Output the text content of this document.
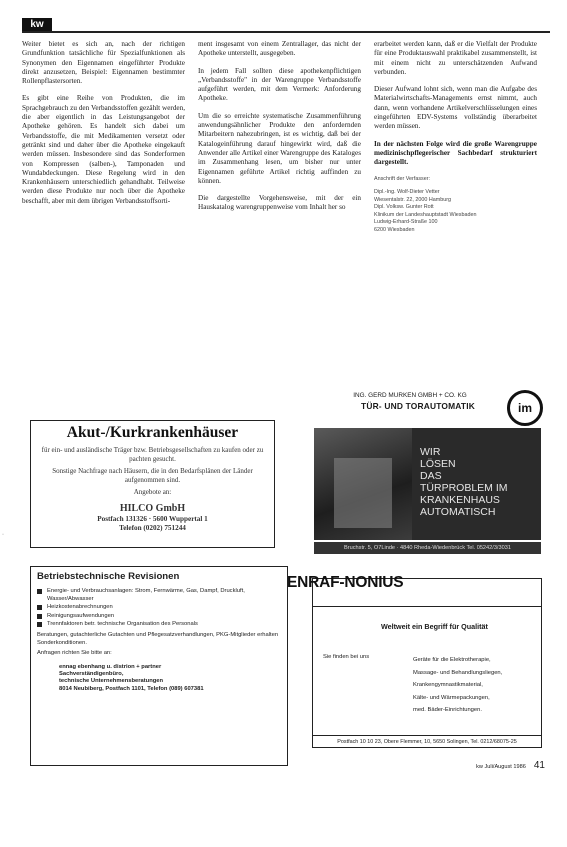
kw

Weiter bietet es sich an, nach der richtigen Grundfunktion tatsächliche für Spezialfunktionen als Synonymen den Eigennamen eingeführter Produkte direkt anzusetzen, Beispiel: Eigennamen bestimmter Rollenpflastersorten.

Es gibt eine Reihe von Produkten, die im Sprachgebrauch zu den Verbandsstoffen gezählt werden, die aber eigentlich in das Leistungsangebot der Apotheke gehören. Es handelt sich dabei um Verbandsstoffe, die mit Medikamenten versetzt oder getränkt sind und daher über die Apotheke eingekauft werden müssen. Insbesondere sind das Sonderformen von Kompressen (salben-), Tamponaden und Wundabdeckungen. Diese Regelung wird in den Krankenhäusern unterschiedlich gehandhabt. Teilweise werden diese Produkte nur noch über die Apotheke beschafft, aber mit dem übrigen Verbandsstoffsorti-

ment insgesamt von einem Zentrallager, das nicht der Apotheke unterstellt, ausgegeben.

In jedem Fall sollten diese apothekenpflichtigen „Verbandsstoffe" in der Warengruppe Verbandsstoffe aufgeführt werden, mit dem Vermerk: Anforderung Apotheke.

Um die so erreichte systematische Zusammenführung anwendungsähnlicher Produkte den anfordernden Mitarbeitern nahezubringen, ist es wichtig, daß bei der Katalogeinführung darauf hingewirkt wird, daß die Anwender alle Artikel einer Warengruppe des Kataloges im Zusammenhang lesen, um bisher nur unter Eigennamen geführte Artikel richtig auffinden zu können.

Die dargestellte Vorgehensweise, mit der ein Hauskatalog warengruppenweise vom Inhalt her so

erarbeitet werden kann, daß er die Vielfalt der Produkte für eine Produktauswahl praktikabel zusammenstellt, ist mit einem nicht zu unterschätzenden Aufwand verbunden.

Dieser Aufwand lohnt sich, wenn man die Aufgabe des Materialwirtschafts-Managements ernst nimmt, auch dann, wenn vorhandene Artikelverschlüsselungen eines eingeführten EDV-Systems vollständig überarbeitet werden müssen.

In der nächsten Folge wird die große Warengruppe medizinischpflegerischer Sachbedarf strukturiert dargestellt.

Anschrift der Verfasser:
Dipl.-Ing. Wolf-Dieter Vetter
Wiesentalstr. 22, 2000 Hamburg
Dipl. Volksw. Gunter Rott
Klinikum der Landeshauptstadt Wiesbaden
Ludwig-Erhard-Straße 100
6200 Wiesbaden
·
Akut-/Kurkrankenhäuser

für ein- und ausländische Träger bzw. Betriebsgesellschaften zu kaufen oder zu pachten gesucht.

Sonstige Nachfrage nach Häusern, die in den Bedarfsplänen der Länder aufgenommen sind.

Angebote an:

HILCO GmbH
Postfach 131326 · 5600 Wuppertal 1
Telefon (0202) 751244
ING. GERD MURKEN GMBH + CO. KG
TÜR- UND TORAUTOMATIK	im
WIR
LÖSEN
DAS
TÜRPROBLEM IM
KRANKENHAUS
AUTOMATISCH
Bruchstr. 5, O7Linde · 4840 Rheda-Wiedenbrück Tel. 05242/3/3031
Betriebstechnische Revisionen
Energie- und Verbrauchsanlagen: Strom, Fernwärme, Gas, Dampf, Druckluft, Wasser/Abwasser
Heizkostenabrechnungen
Reinigungsaufwendungen
Trennfaktoren betr. technische Organisation des Personals

Beratungen, gutachterliche Gutachten und Pflegesatzverhandlungen, PKG-Mitglieder erhalten Sonderkonditionen.

Anfragen richten Sie bitte an:

ennag ebenhang u. distrion + partner
Sachverständigenbüro,
technische Unternehmensberatungen
8014 Neubiberg, Postfach 1101, Telefon (089) 607381
ENRAF-NONIUS
Weltweit ein Begriff für Qualität
Sie finden bei uns	Geräte für die Elektrotherapie,
Massage- und Behandlungsliegen,
Krankengymnastikmaterial,
Kälte- und Wärmepackungen,
med. Bäder-Einrichtungen.
Postfach 10 10 23, Obere Flemmer, 10, 5650 Solingen, Tel. 0212/68075-25
kw Juli/August 1986 41
